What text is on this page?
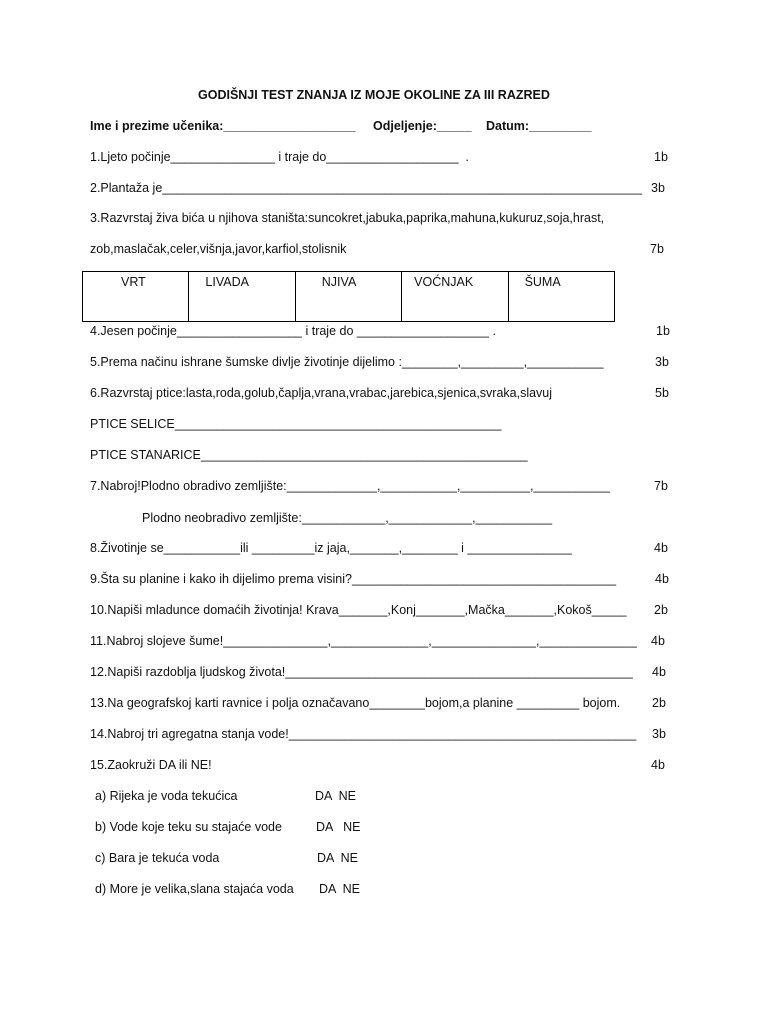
GODIŠNJI TEST ZNANJA IZ MOJE OKOLINE ZA III RAZRED
Ime i prezime učenika:___________________ Odjeljenje:_____ Datum:_________
1.Ljeto počinje_______________ i traje do___________________  .	1b
2.Plantaža je_____________________________________________________________________ 3b
3.Razvrstaj živa bića u njihova staništa:suncokret,jabuka,paprika,mahuna,kukuruz,soja,hrast,
zob,maslačak,celer,višnja,javor,karfiol,stolisnik	7b
VRT	LIVADA	NJIVA	VOĆNJAK	ŠUMA
4.Jesen počinje__________________ i traje do ___________________ .	1b
5.Prema načinu ishrane šumske divlje životinje dijelimo :________,_________,___________	3b
6.Razvrstaj ptice:lasta,roda,golub,čaplja,vrana,vrabac,jarebica,sjenica,svraka,slavuj	5b
PTICE SELICE_______________________________________________
PTICE STANARICE_______________________________________________
7.Nabroj!Plodno obradivo zemljište:_____________,___________,__________,___________	7b
Plodno neobradivo zemljište:____________,____________,___________
8.Životinje se___________ili _________iz jaja,_______,________ i _______________	4b
9.Šta su planine i kako ih dijelimo prema visini?______________________________________	4b
10.Napiši mladunce domaćih životinja! Krava_______,Konj_______,Mačka_______,Kokoš_____ 2b
11.Nabroj slojeve šume!_______________,______________,_______________,______________ 4b
12.Napiši razdoblja ljudskog života!__________________________________________________ 4b
13.Na geografskoj karti ravnice i polja označavano________bojom,a planine _________ bojom.	2b
14.Nabroj tri agregatna stanja vode!__________________________________________________ 3b
15.Zaokruži DA ili NE!	4b
a) Rijeka je voda tekućica	DA  NE
b) Vode koje teku su stajaće vode	DA   NE
c) Bara je tekuća voda	DA  NE
d) More je velika,slana stajaća voda DA  NE
